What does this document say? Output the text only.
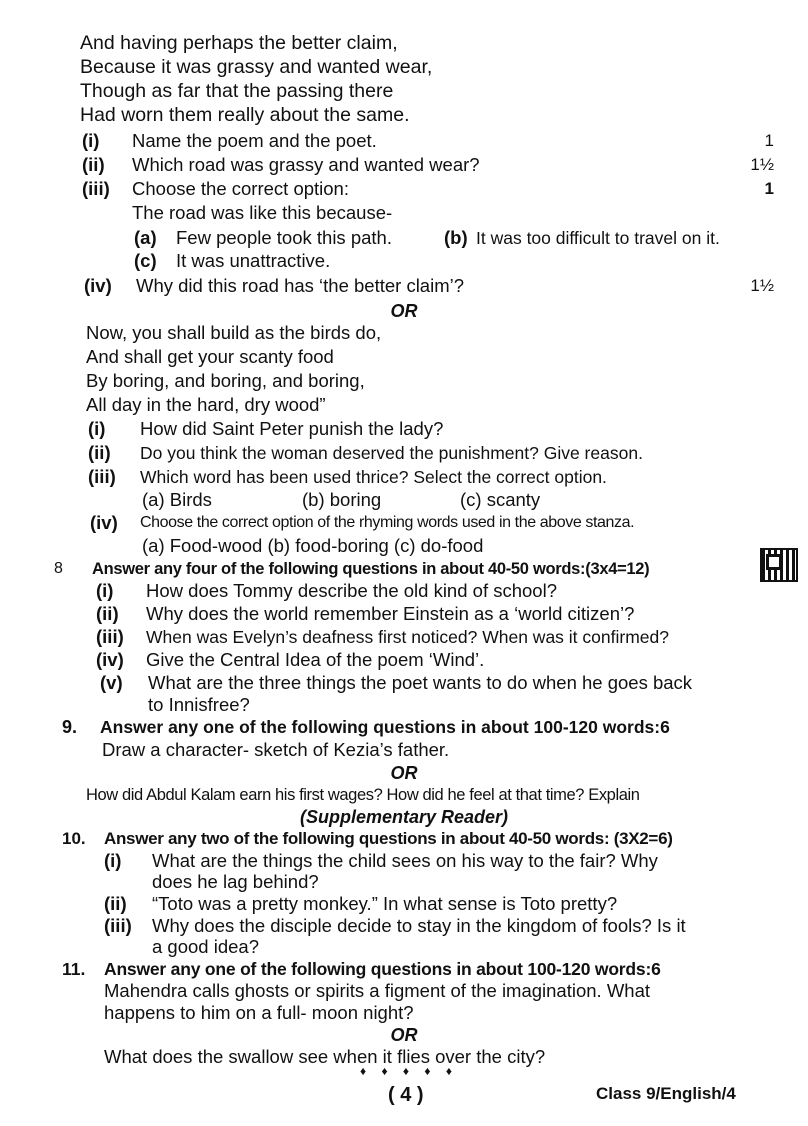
And having perhaps the better claim,
Because it was grassy and wanted wear,
Though as far that the passing there
Had worn them really about the same.
(i) Name the poem and the poet.	1
(ii) Which road was grassy and wanted wear?	1½
(iii) Choose the correct option:	1
The road was like this because-
(a) Few people took this path.	(b) It was too difficult to travel on it.
(c) It was unattractive.
(iv) Why did this road has ‘the better claim’?	1½
OR
Now, you shall build as the birds do,
And shall get your scanty food
By boring, and boring, and boring,
All day in the hard, dry wood”
(i) How did Saint Peter punish the lady?
(ii) Do you think the woman deserved the punishment? Give reason.
(iii) Which word has been used thrice? Select the correct option.
(a) Birds	(b) boring	(c) scanty
(iv) Choose the correct option of the rhyming words used in the above stanza.
(a) Food-wood (b) food-boring (c) do-food
8 Answer any four of the following questions in about 40-50 words:(3x4=12)
(i) How does Tommy describe the old kind of school?
(ii) Why does the world remember Einstein as a ‘world citizen’?
(iii) When was Evelyn’s deafness first noticed? When was it confirmed?
(iv) Give the Central Idea of the poem ‘Wind’.
(v) What are the three things the poet wants to do when he goes back
to Innisfree?
9. Answer any one of the following questions in about 100-120 words:6
Draw a character- sketch of Kezia’s father.
OR
How did Abdul Kalam earn his first wages? How did he feel at that time? Explain
(Supplementary Reader)
10. Answer any two of the following questions in about 40-50 words: (3X2=6)
(i) What are the things the child sees on his way to the fair? Why
does he lag behind?
(ii) “Toto was a pretty monkey.” In what sense is Toto pretty?
(iii) Why does the disciple decide to stay in the kingdom of fools? Is it
a good idea?
11. Answer any one of the following questions in about 100-120 words:6
Mahendra calls ghosts or spirits a figment of the imagination. What
happens to him on a full- moon night?
OR
What does the swallow see when it flies over the city?
♦ ♦ ♦ ♦ ♦
( 4 )	Class 9/English/4
